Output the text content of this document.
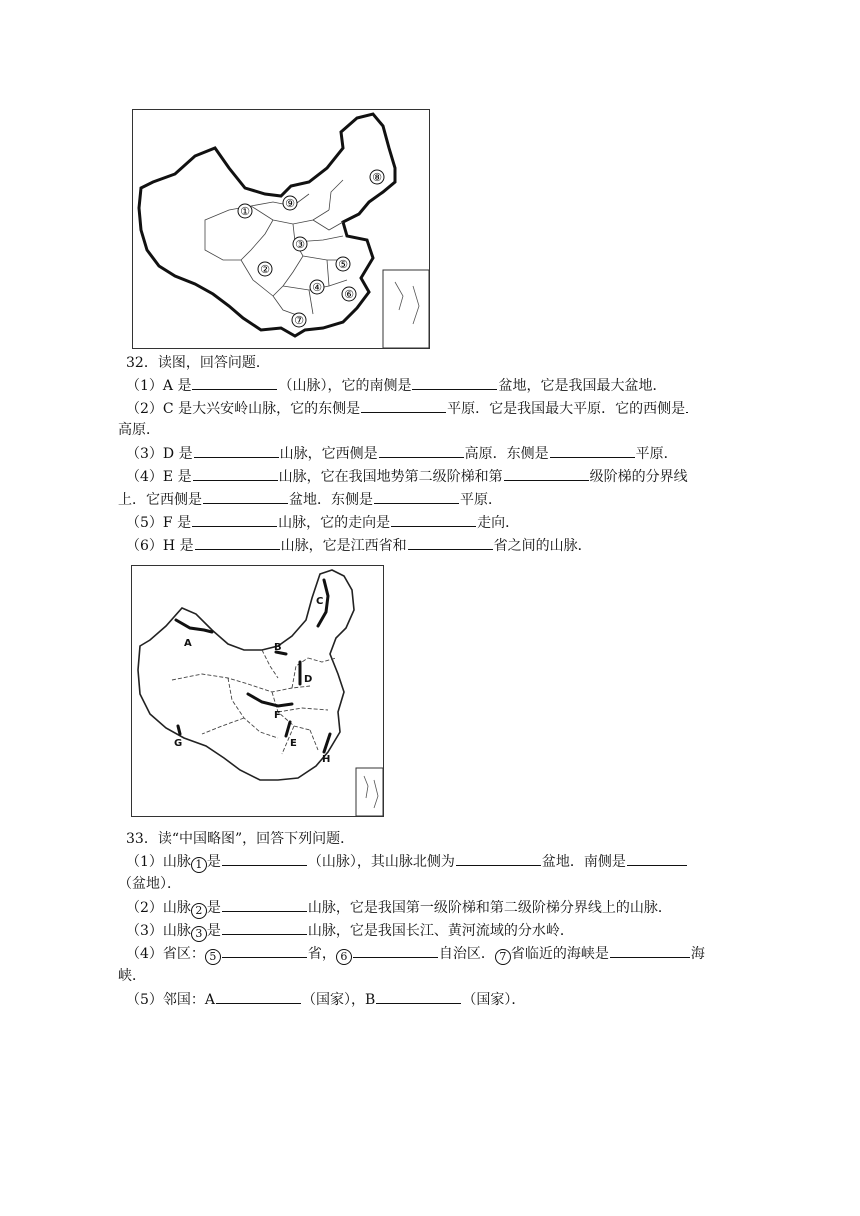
①
②
③
④
⑤
⑥
⑦
⑧
⑨
32．读图，回答问题．
（1）A 是	（山脉），它的南侧是	盆地，它是我国最大盆地．
（2）C 是大兴安岭山脉，它的东侧是	平原．它是我国最大平原．它的西侧是
高原．
（3）D 是	山脉，它西侧是	高原．东侧是	平原．
（4）E 是	山脉，它在我国地势第二级阶梯和第	级阶梯的分界线
上．它西侧是	盆地．东侧是	平原．
（5）F 是	山脉，它的走向是	走向．
（6）H 是	山脉，它是江西省和	省之间的山脉．
A	B
C
D
E
F
G
H
33．读“中国略图”，回答下列问题．
（1）山脉 1 是	（山脉），其山脉北侧为	盆地．南侧是
（盆地）．
（2）山脉 2 是	山脉，它是我国第一级阶梯和第二级阶梯分界线上的山脉．
（3）山脉 3 是	山脉，它是我国长江、黄河流域的分水岭．
（4）省区： 5	省， 6	自治区． 7 省临近的海峡是	海
峡．
（5）邻国：A	（国家），B	（国家）．
